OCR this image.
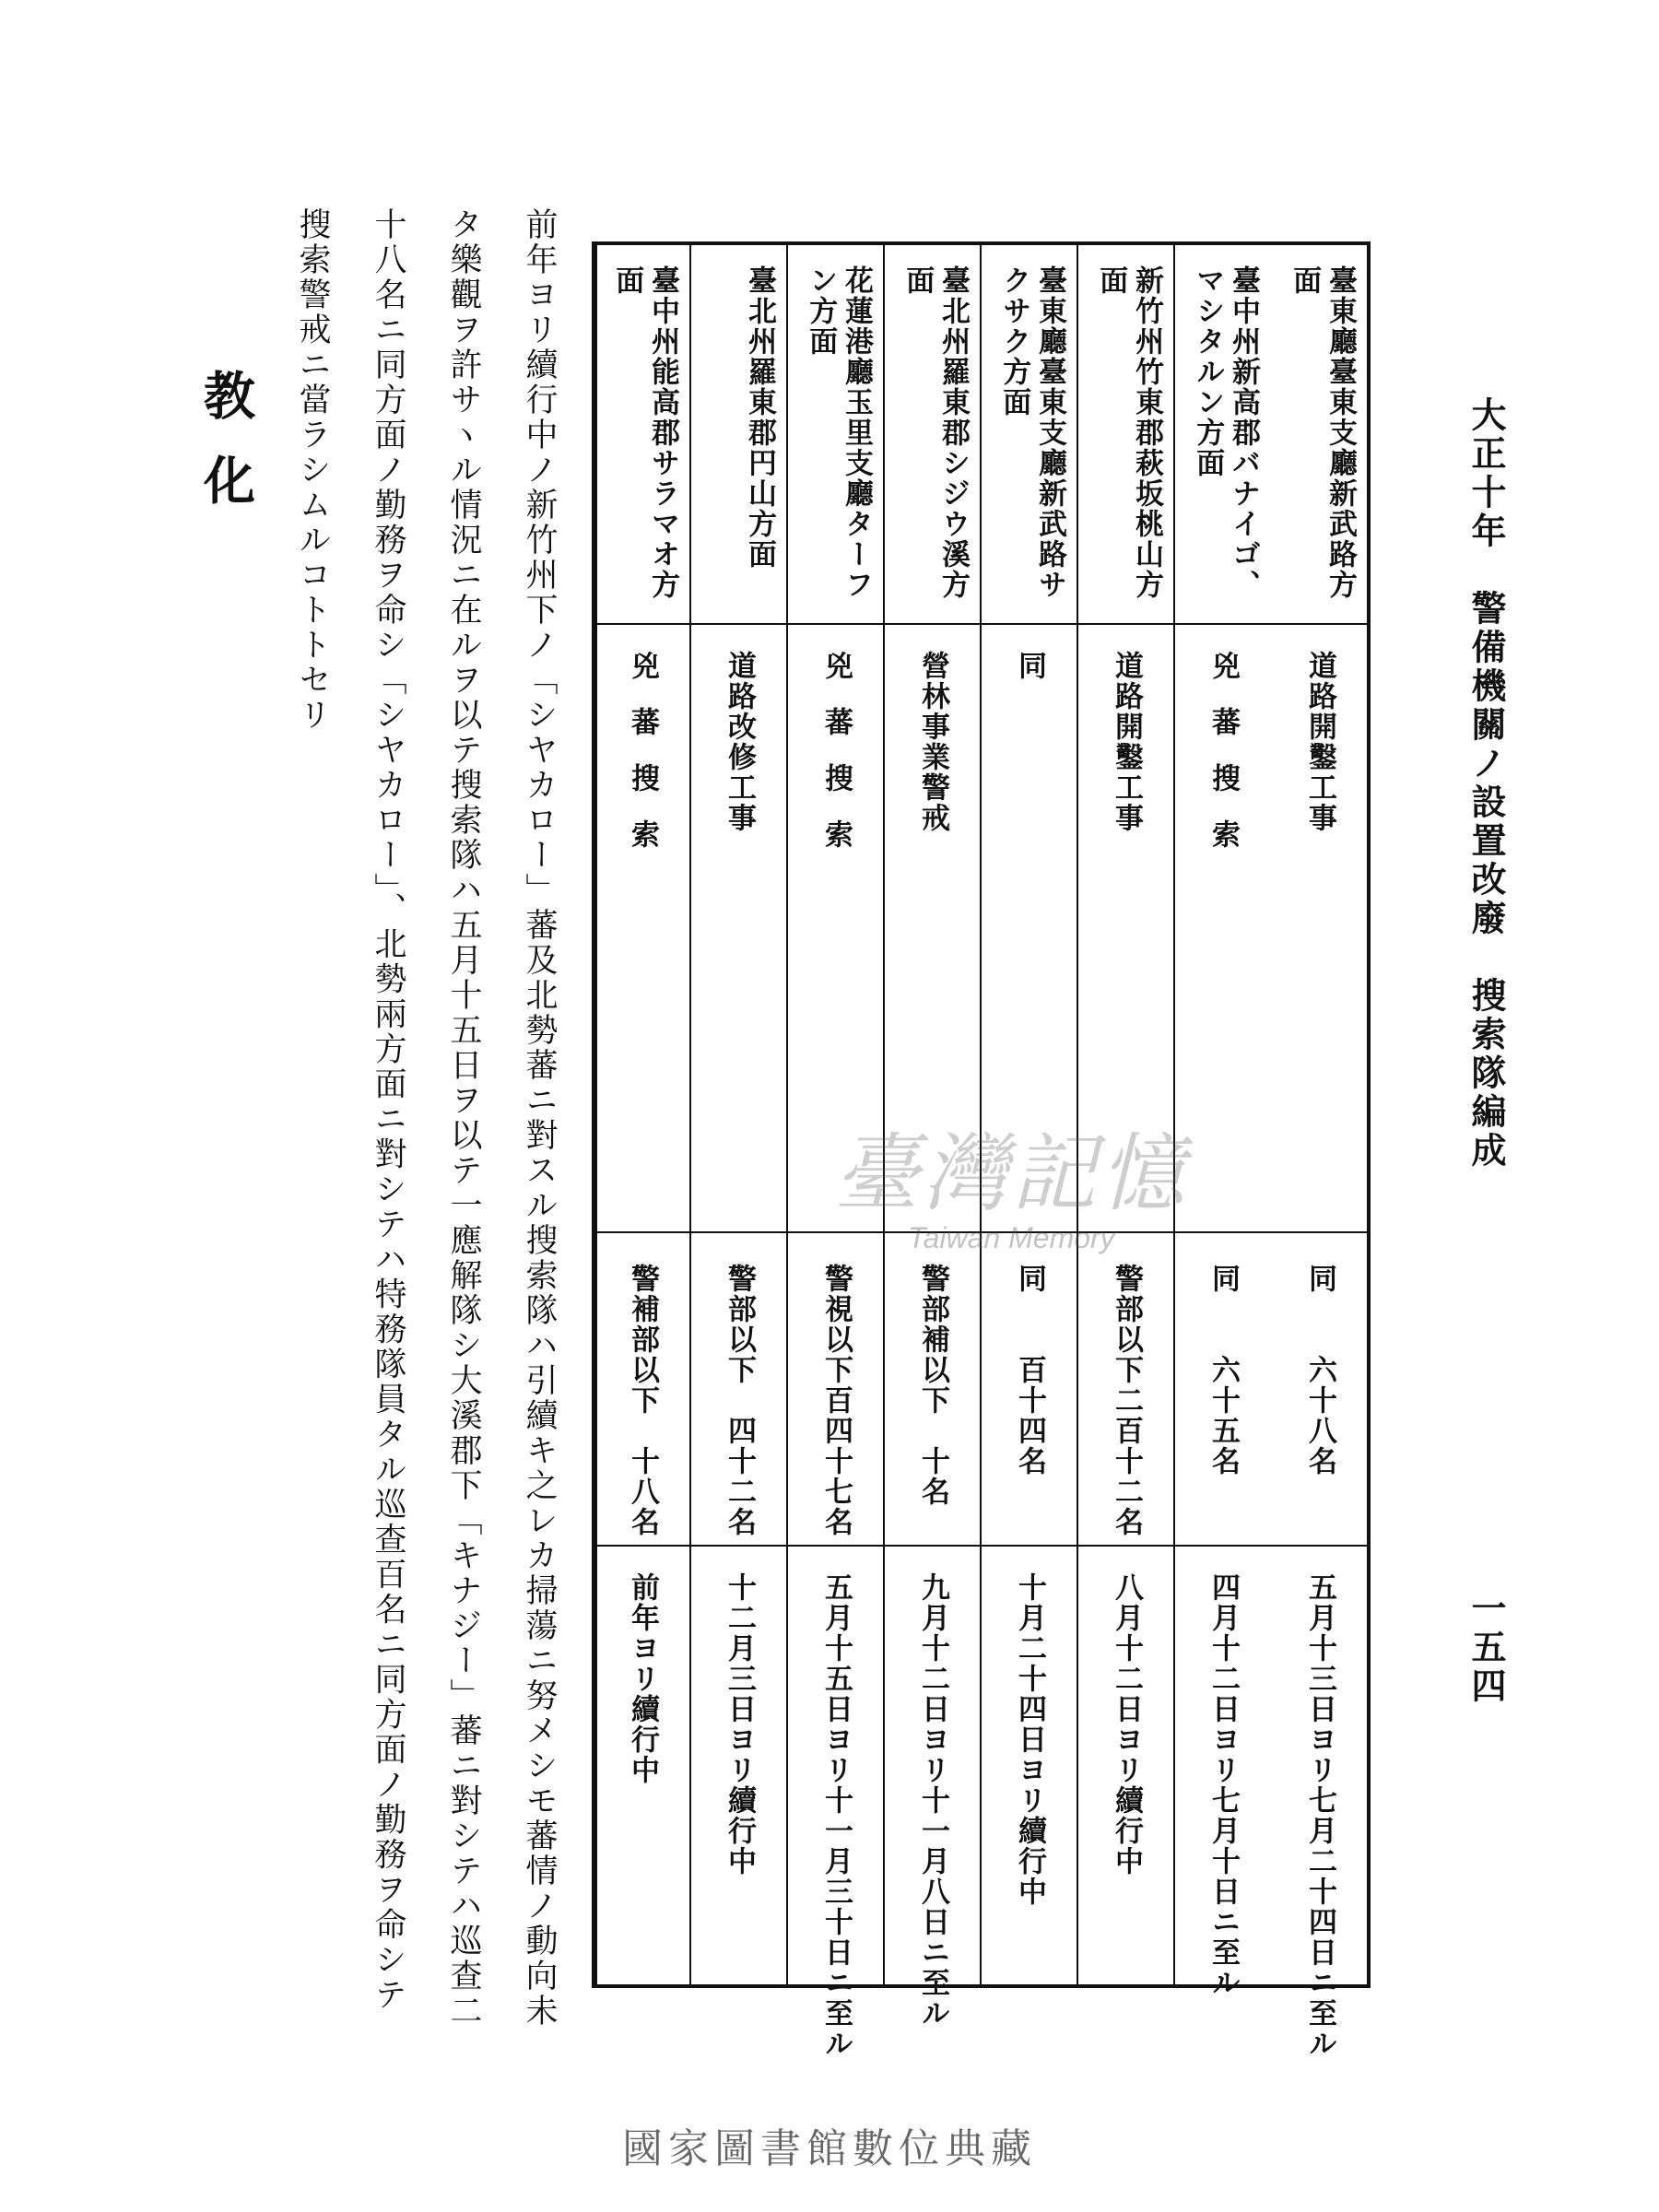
大正十年
警備機關ノ設置改廢　搜索隊編成
一五四
臺東廳臺東支廳新武路方面
道路開鑿工事
同　　六十八名
五月十三日ヨリ七月二十四日ニ至ル
臺中州新高郡バナイゴ、マシタルン方面
兇蕃搜索
同　　六十五名
四月十二日ヨリ七月十日ニ至ル
新竹州竹東郡萩坂桃山方面
道路開鑿工事
警部以下二百十二名
八月十二日ヨリ續行中
臺東廳臺東支廳新武路サクサク方面
同
同　　百十四名
十月二十四日ヨリ續行中
臺北州羅東郡シジウ溪方面
營林事業警戒
警部補以下　十名
九月十二日ヨリ十一月八日ニ至ル
花蓮港廳玉里支廳ターフン方面
兇蕃搜索
警視以下百四十七名
五月十五日ヨリ十一月三十日ニ至ル
臺北州羅東郡円山方面
道路改修工事
警部以下　四十二名
十二月三日ヨリ續行中
臺中州能高郡サラマオ方面
兇蕃搜索
警補部以下　十八名
前年ヨリ續行中
前年ヨリ續行中ノ新竹州下ノ「シヤカロー」蕃及北勢蕃ニ對スル搜索隊ハ引續キ之レカ掃蕩ニ努メシモ蕃情ノ動向未
タ樂觀ヲ許サヽル情況ニ在ルヲ以テ搜索隊ハ五月十五日ヲ以テ一應解隊シ大溪郡下「キナジー」蕃ニ對シテハ巡查二
十八名ニ同方面ノ勤務ヲ命シ「シヤカロー」、北勢兩方面ニ對シテハ特務隊員タル巡查百名ニ同方面ノ勤務ヲ命シテ
搜索警戒ニ當ラシムルコトトセリ
教化
臺灣記憶
Taiwan Memory
國家圖書館數位典藏
